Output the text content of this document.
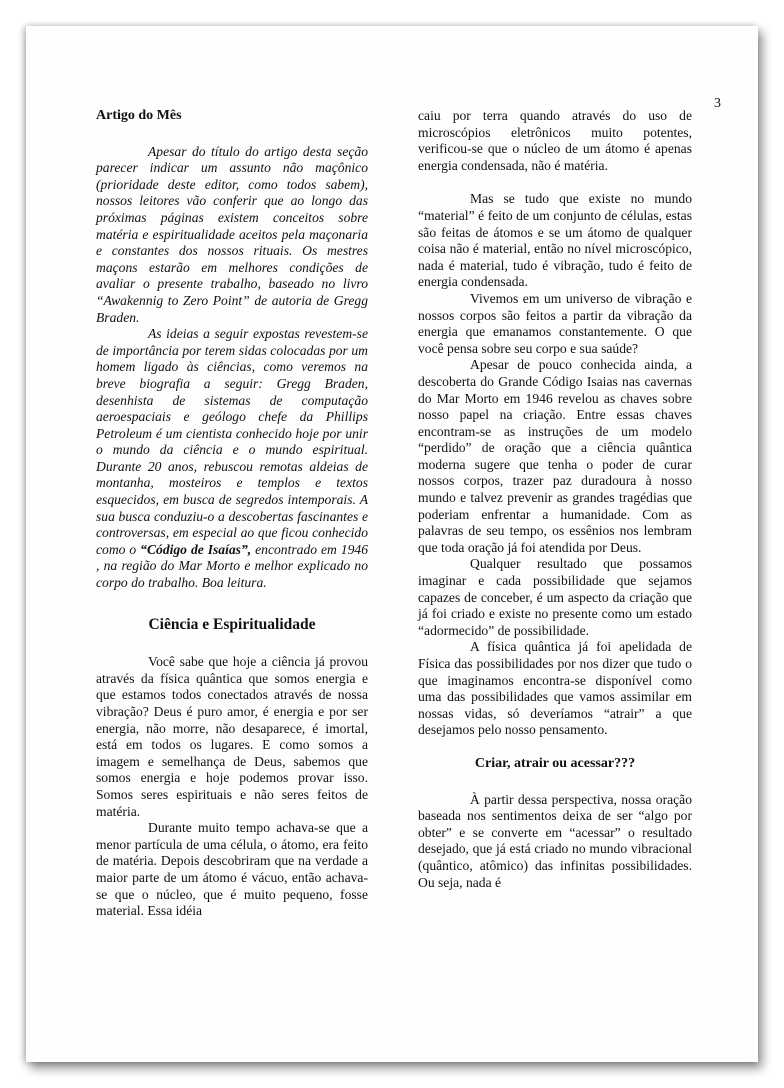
3

Artigo do Mês

Apesar do título do artigo desta seção parecer indicar um assunto não maçônico (prioridade deste editor, como todos sabem), nossos leitores vão conferir que ao longo das próximas páginas existem conceitos sobre matéria e espiritualidade aceitos pela maçonaria e constantes dos nossos rituais. Os mestres maçons estarão em melhores condições de avaliar o presente trabalho, baseado no livro “Awakennig to Zero Point” de autoria de Gregg Braden.

As ideias a seguir expostas revestem-se de importância por terem sidas colocadas por um homem ligado às ciências, como veremos na breve biografia a seguir: Gregg Braden, desenhista de sistemas de computação aeroespaciais e geólogo chefe da Phillips Petroleum é um cientista conhecido hoje por unir o mundo da ciência e o mundo espiritual. Durante 20 anos, rebuscou remotas aldeias de montanha, mosteiros e templos e textos esquecidos, em busca de segredos intemporais. A sua busca conduziu-o a descobertas fascinantes e controversas, em especial ao que ficou conhecido como o “Código de Isaías”, encontrado em 1946 , na região do Mar Morto e melhor explicado no corpo do trabalho. Boa leitura.

Ciência e Espiritualidade

Você sabe que hoje a ciência já provou através da física quântica que somos energia e que estamos todos conectados através de nossa vibração? Deus é puro amor, é energia e por ser energia, não morre, não desaparece, é imortal, está em todos os lugares. E como somos a imagem e semelhança de Deus, sabemos que somos energia e hoje podemos provar isso. Somos seres espirituais e não seres feitos de matéria.

Durante muito tempo achava-se que a menor partícula de uma célula, o átomo, era feito de matéria. Depois descobriram que na verdade a maior parte de um átomo é vácuo, então achava-se que o núcleo, que é muito pequeno, fosse material. Essa idéia

caiu por terra quando através do uso de microscópios eletrônicos muito potentes, verificou-se que o núcleo de um átomo é apenas energia condensada, não é matéria.

Mas se tudo que existe no mundo “material” é feito de um conjunto de células, estas são feitas de átomos e se um átomo de qualquer coisa não é material, então no nível microscópico, nada é material, tudo é vibração, tudo é feito de energia condensada.

Vivemos em um universo de vibração e nossos corpos são feitos a partir da vibração da energia que emanamos constantemente. O que você pensa sobre seu corpo e sua saúde?

Apesar de pouco conhecida ainda, a descoberta do Grande Código Isaias nas cavernas do Mar Morto em 1946 revelou as chaves sobre nosso papel na criação. Entre essas chaves encontram-se as instruções de um modelo “perdido” de oração que a ciência quântica moderna sugere que tenha o poder de curar nossos corpos, trazer paz duradoura à nosso mundo e talvez prevenir as grandes tragédias que poderiam enfrentar a humanidade. Com as palavras de seu tempo, os essênios nos lembram que toda oração já foi atendida por Deus.

Qualquer resultado que possamos imaginar e cada possibilidade que sejamos capazes de conceber, é um aspecto da criação que já foi criado e existe no presente como um estado “adormecido” de possibilidade.

A física quântica já foi apelidada de Física das possibilidades por nos dizer que tudo o que imaginamos encontra-se disponível como uma das possibilidades que vamos assimilar em nossas vidas, só deveríamos “atrair” a que desejamos pelo nosso pensamento.

Criar, atrair ou acessar???

À partir dessa perspectiva, nossa oração baseada nos sentimentos deixa de ser “algo por obter” e se converte em “acessar” o resultado desejado, que já está criado no mundo vibracional (quântico, atômico) das infinitas possibilidades. Ou seja, nada é
